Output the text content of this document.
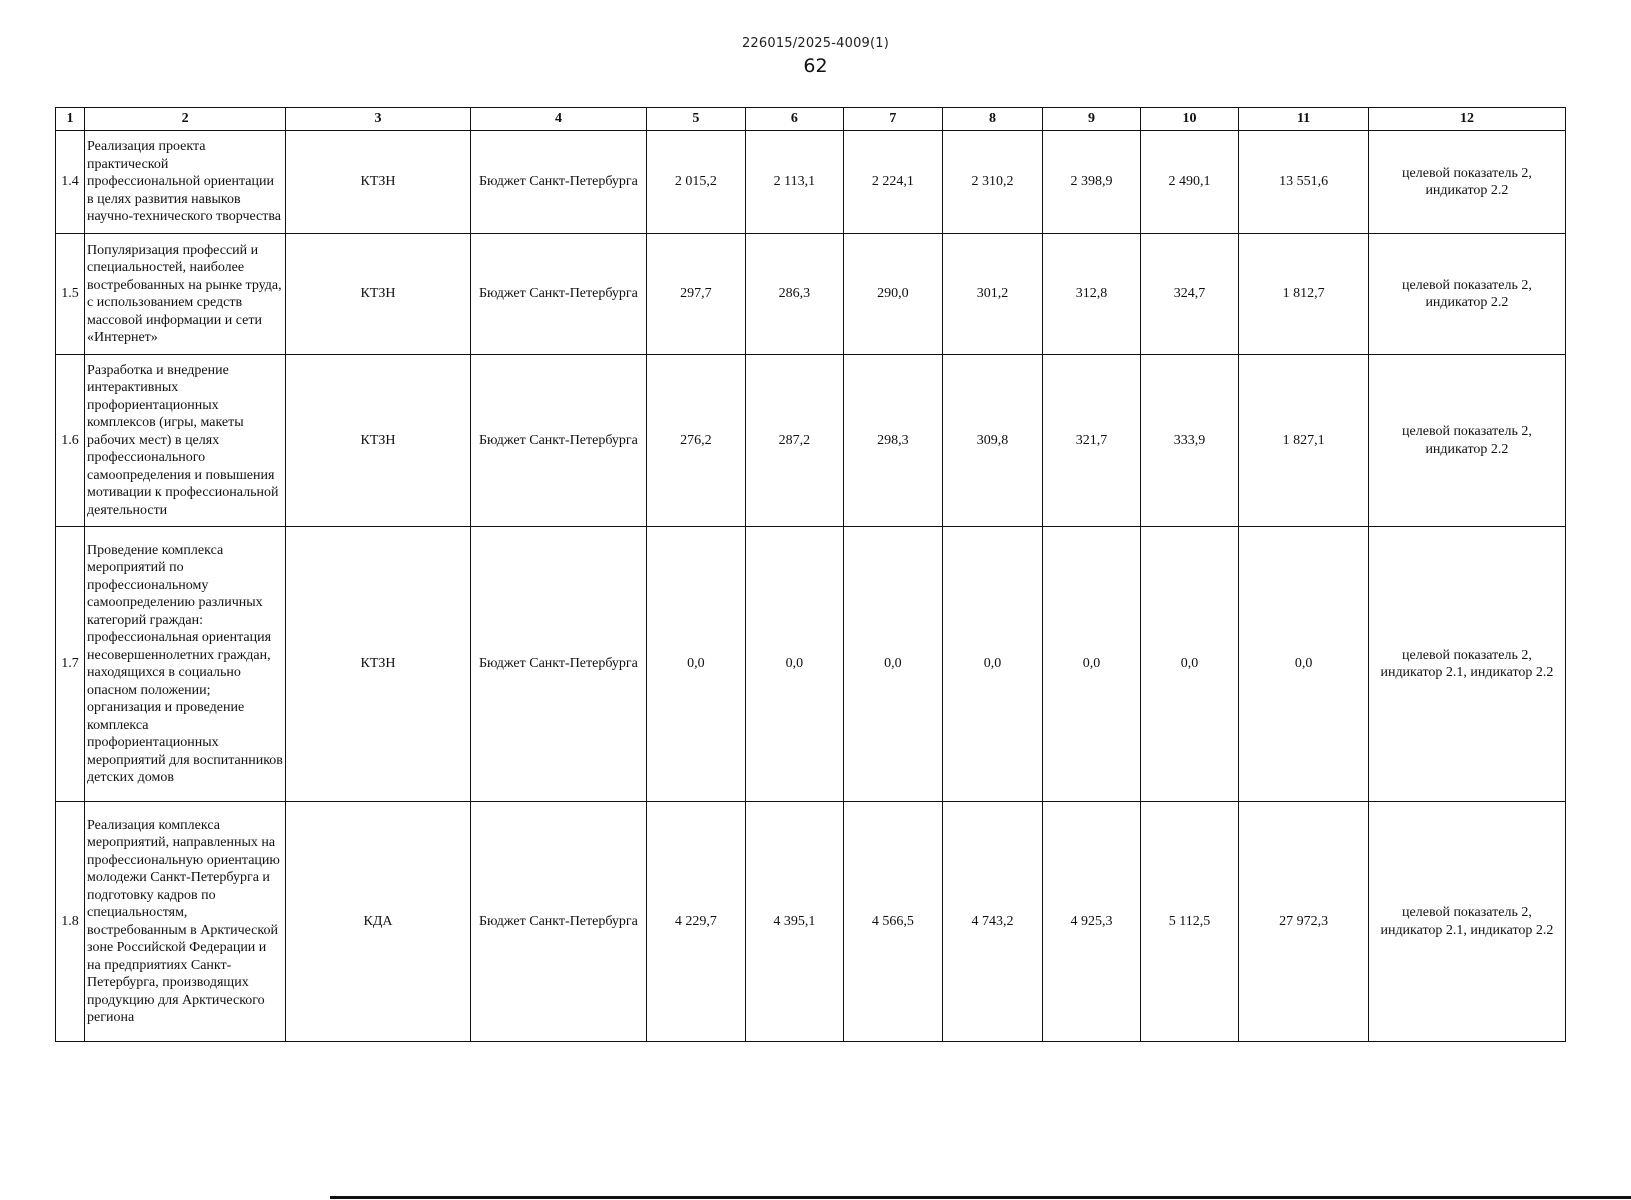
226015/2025-4009(1)
62
1	2	3	4	5	6	7	8	9	10	11	12
1.4	Реализация проекта практической профессиональной ориентации в целях развития навыков научно-технического творчества	КТЗН	Бюджет Санкт-Петербурга	2 015,2	2 113,1	2 224,1	2 310,2	2 398,9	2 490,1	13 551,6	целевой показатель 2, индикатор 2.2
1.5	Популяризация профессий и специальностей, наиболее востребованных на рынке труда, с использованием средств массовой информации и сети «Интернет»	КТЗН	Бюджет Санкт-Петербурга	297,7	286,3	290,0	301,2	312,8	324,7	1 812,7	целевой показатель 2, индикатор 2.2
1.6	Разработка и внедрение интерактивных профориентационных комплексов (игры, макеты рабочих мест) в целях профессионального самоопределения и повышения мотивации к профессиональной деятельности	КТЗН	Бюджет Санкт-Петербурга	276,2	287,2	298,3	309,8	321,7	333,9	1 827,1	целевой показатель 2, индикатор 2.2
1.7	Проведение комплекса мероприятий по профессиональному самоопределению различных категорий граждан: профессиональная ориентация несовершеннолетних граждан, находящихся в социально опасном положении; организация и проведение комплекса профориентационных мероприятий для воспитанников детских домов	КТЗН	Бюджет Санкт-Петербурга	0,0	0,0	0,0	0,0	0,0	0,0	0,0	целевой показатель 2, индикатор 2.1, индикатор 2.2
1.8	Реализация комплекса мероприятий, направленных на профессиональную ориентацию молодежи Санкт-Петербурга и подготовку кадров по специальностям, востребованным в Арктической зоне Российской Федерации и на предприятиях Санкт-Петербурга, производящих продукцию для Арктического региона	КДА	Бюджет Санкт-Петербурга	4 229,7	4 395,1	4 566,5	4 743,2	4 925,3	5 112,5	27 972,3	целевой показатель 2, индикатор 2.1, индикатор 2.2
